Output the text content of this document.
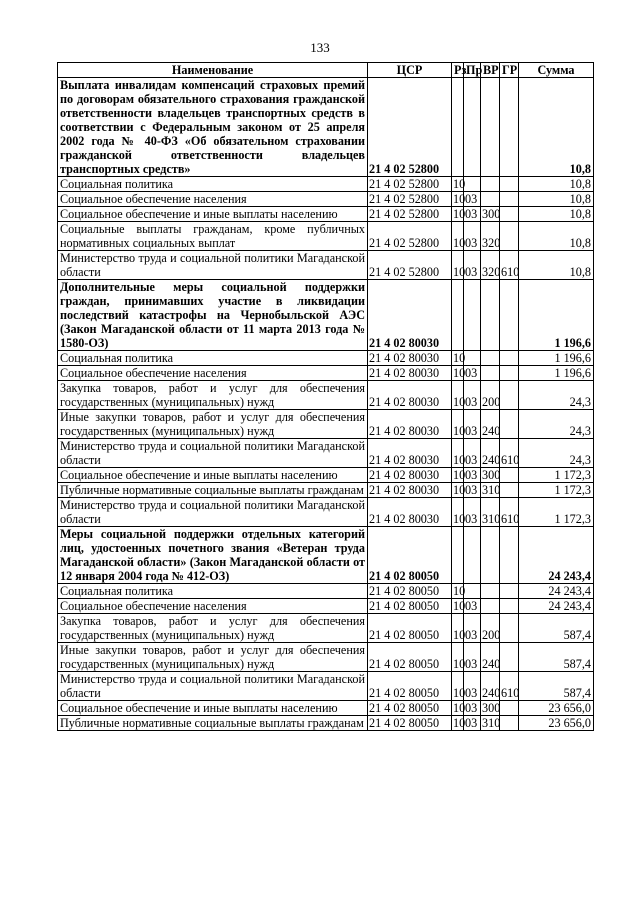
133
Наименование	ЦСР	Рз	Пр	ВР	ГР	Сумма
Выплата инвалидам компенсаций страховых премий по договорам обязательного страхования гражданской ответственности владельцев транспортных средств в соответствии с Федеральным законом от 25 апреля 2002 года № 40-ФЗ «Об обязательном страховании гражданской ответственности владельцев транспортных средств»	21 4 02 52800					10,8
Социальная политика	21 4 02 52800	10				10,8
Социальное обеспечение населения	21 4 02 52800	10	03			10,8
Социальное обеспечение и иные выплаты населению	21 4 02 52800	10	03	300		10,8
Социальные выплаты гражданам, кроме публичных нормативных социальных выплат	21 4 02 52800	10	03	320		10,8
Министерство труда и социальной политики Магаданской области	21 4 02 52800	10	03	320	610	10,8
Дополнительные меры социальной поддержки граждан, принимавших участие в ликвидации последствий катастрофы на Чернобыльской АЭС (Закон Магаданской области от 11 марта 2013 года № 1580-ОЗ)	21 4 02 80030					1 196,6
Социальная политика	21 4 02 80030	10				1 196,6
Социальное обеспечение населения	21 4 02 80030	10	03			1 196,6
Закупка товаров, работ и услуг для обеспечения государственных (муниципальных) нужд	21 4 02 80030	10	03	200		24,3
Иные закупки товаров, работ и услуг для обеспечения государственных (муниципальных) нужд	21 4 02 80030	10	03	240		24,3
Министерство труда и социальной политики Магаданской области	21 4 02 80030	10	03	240	610	24,3
Социальное обеспечение и иные выплаты населению	21 4 02 80030	10	03	300		1 172,3
Публичные нормативные социальные выплаты гражданам	21 4 02 80030	10	03	310		1 172,3
Министерство труда и социальной политики Магаданской области	21 4 02 80030	10	03	310	610	1 172,3
Меры социальной поддержки отдельных категорий лиц, удостоенных почетного звания «Ветеран труда Магаданской области» (Закон Магаданской области от 12 января 2004 года № 412-ОЗ)	21 4 02 80050					24 243,4
Социальная политика	21 4 02 80050	10				24 243,4
Социальное обеспечение населения	21 4 02 80050	10	03			24 243,4
Закупка товаров, работ и услуг для обеспечения государственных (муниципальных) нужд	21 4 02 80050	10	03	200		587,4
Иные закупки товаров, работ и услуг для обеспечения государственных (муниципальных) нужд	21 4 02 80050	10	03	240		587,4
Министерство труда и социальной политики Магаданской области	21 4 02 80050	10	03	240	610	587,4
Социальное обеспечение и иные выплаты населению	21 4 02 80050	10	03	300		23 656,0
Публичные нормативные социальные выплаты гражданам	21 4 02 80050	10	03	310		23 656,0
